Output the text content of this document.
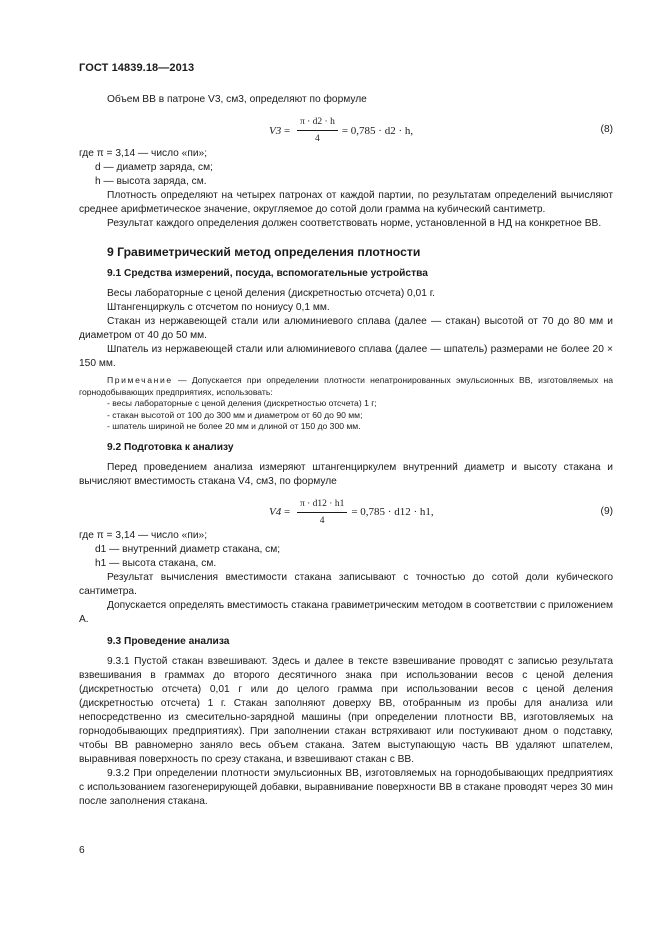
ГОСТ 14839.18—2013

Объем ВВ в патроне V3, см3, определяют по формуле

$V3 = \frac{\pi \cdot d2 \cdot h}{4} = 0,785 \cdot d2 \cdot h$,	(8)

где π = 3,14 — число «пи»;

d — диаметр заряда, см;

h — высота заряда, см.

Плотность определяют на четырех патронах от каждой партии, по результатам определений вычисляют среднее арифметическое значение, округляемое до сотой доли грамма на кубический сантиметр.

Результат каждого определения должен соответствовать норме, установленной в НД на конкретное ВВ.

9 Гравиметрический метод определения плотности
9.1 Средства измерений, посуда, вспомогательные устройства

Весы лабораторные с ценой деления (дискретностью отсчета) 0,01 г.

Штангенциркуль с отсчетом по нониусу 0,1 мм.

Стакан из нержавеющей стали или алюминиевого сплава (далее — стакан) высотой от 70 до 80 мм и диаметром от 40 до 50 мм.

Шпатель из нержавеющей стали или алюминиевого сплава (далее — шпатель) размерами не более 20 × 150 мм.

Примечание — Допускается при определении плотности непатронированных эмульсионных ВВ, изготовляемых на горнодобывающих предприятиях, использовать:

- весы лабораторные с ценой деления (дискретностью отсчета) 1 г;

- стакан высотой от 100 до 300 мм и диаметром от 60 до 90 мм;

- шпатель шириной не более 20 мм и длиной от 150 до 300 мм.

9.2 Подготовка к анализу

Перед проведением анализа измеряют штангенциркулем внутренний диаметр и высоту стакана и вычисляют вместимость стакана V4, см3, по формуле

$V4 = \frac{\pi \cdot d12 \cdot h1}{4} = 0,785 \cdot d12 \cdot h1$,	(9)

где π = 3,14 — число «пи»;

d1 — внутренний диаметр стакана, см;

h1 — высота стакана, см.

Результат вычисления вместимости стакана записывают с точностью до сотой доли кубического сантиметра.

Допускается определять вместимость стакана гравиметрическим методом в соответствии с приложением А.

9.3 Проведение анализа

9.3.1 Пустой стакан взвешивают. Здесь и далее в тексте взвешивание проводят с записью результата взвешивания в граммах до второго десятичного знака при использовании весов с ценой деления (дискретностью отсчета) 0,01 г или до целого грамма при использовании весов с ценой деления (дискретностью отсчета) 1 г. Стакан заполняют доверху ВВ, отобранным из пробы для анализа или непосредственно из смесительно-зарядной машины (при определении плотности ВВ, изготовляемых на горнодобывающих предприятиях). При заполнении стакан встряхивают или постукивают дном о подставку, чтобы ВВ равномерно заняло весь объем стакана. Затем выступающую часть ВВ удаляют шпателем, выравнивая поверхность по срезу стакана, и взвешивают стакан с ВВ.

9.3.2 При определении плотности эмульсионных ВВ, изготовляемых на горнодобывающих предприятиях с использованием газогенерирующей добавки, выравнивание поверхности ВВ в стакане проводят через 30 мин после заполнения стакана.

6
